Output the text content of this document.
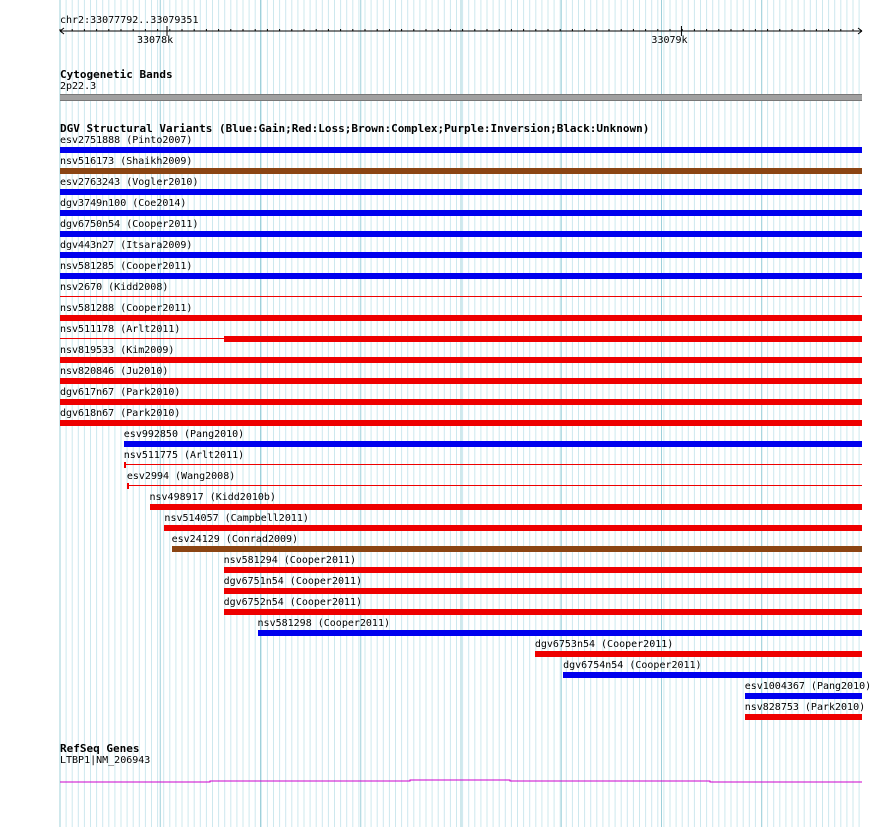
chr2:33077792..33079351
33078k	33079k
Cytogenetic Bands
2p22.3
DGV Structural Variants (Blue:Gain;Red:Loss;Brown:Complex;Purple:Inversion;Black:Unknown)
esv2751888 (Pinto2007)
nsv516173 (Shaikh2009)
esv2763243 (Vogler2010)
dgv3749n100 (Coe2014)
dgv6750n54 (Cooper2011)
dgv443n27 (Itsara2009)
nsv581285 (Cooper2011)
nsv2670 (Kidd2008)
nsv581288 (Cooper2011)
nsv511178 (Arlt2011)
nsv819533 (Kim2009)
nsv820846 (Ju2010)
dgv617n67 (Park2010)
dgv618n67 (Park2010)
esv992850 (Pang2010)
nsv511775 (Arlt2011)
esv2994 (Wang2008)
nsv498917 (Kidd2010b)
nsv514057 (Campbell2011)
esv24129 (Conrad2009)
nsv581294 (Cooper2011)
dgv6751n54 (Cooper2011)
dgv6752n54 (Cooper2011)
nsv581298 (Cooper2011)
dgv6753n54 (Cooper2011)
dgv6754n54 (Cooper2011)
esv1004367 (Pang2010)
nsv828753 (Park2010)
RefSeq Genes
LTBP1|NM_206943
